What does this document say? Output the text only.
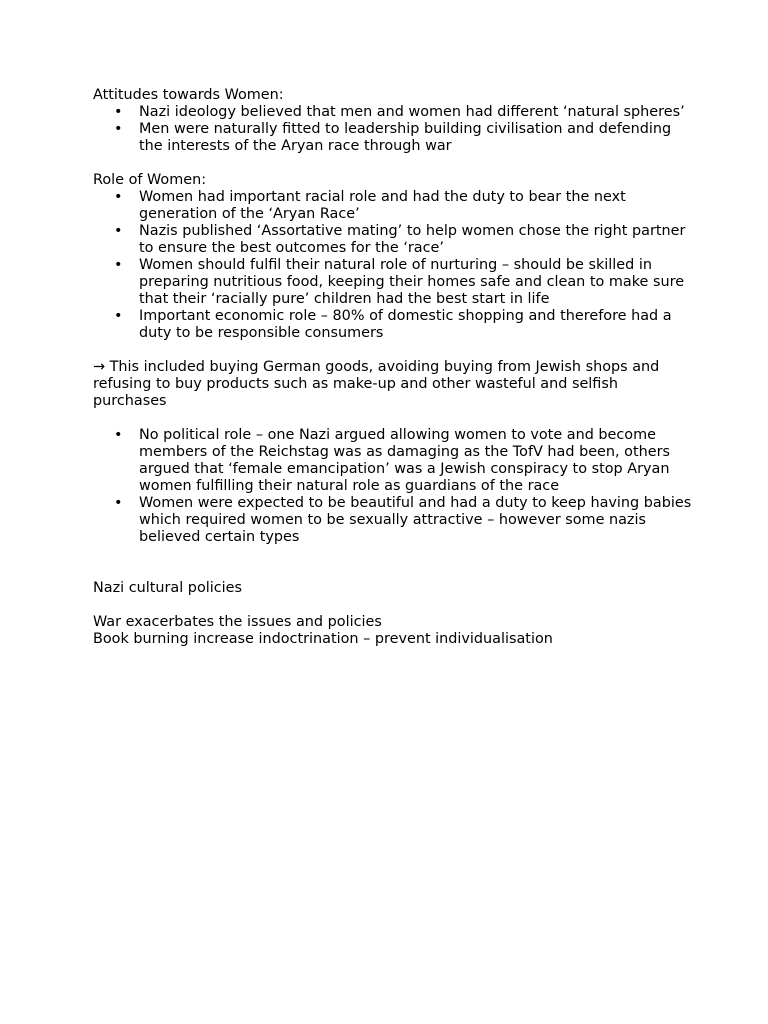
Attitudes towards Women:

• Nazi ideology believed that men and women had different ‘natural spheres’
• Men were naturally fitted to leadership building civilisation and defending the interests of the Aryan race through war

Role of Women:

• Women had important racial role and had the duty to bear the next generation of the ‘Aryan Race’
• Nazis published ‘Assortative mating’ to help women chose the right partner to ensure the best outcomes for the ‘race’
• Women should fulfil their natural role of nurturing – should be skilled in preparing nutritious food, keeping their homes safe and clean to make sure that their ‘racially pure’ children had the best start in life
• Important economic role – 80% of domestic shopping and therefore had a duty to be responsible consumers

→ This included buying German goods, avoiding buying from Jewish shops and refusing to buy products such as make-up and other wasteful and selfish purchases

• No political role – one Nazi argued allowing women to vote and become members of the Reichstag was as damaging as the TofV had been, others argued that ‘female emancipation’ was a Jewish conspiracy to stop Aryan women fulfilling their natural role as guardians of the race
• Women were expected to be beautiful and had a duty to keep having babies which required women to be sexually attractive – however some nazis believed certain types

Nazi cultural policies

War exacerbates the issues and policies

Book burning increase indoctrination – prevent individualisation
